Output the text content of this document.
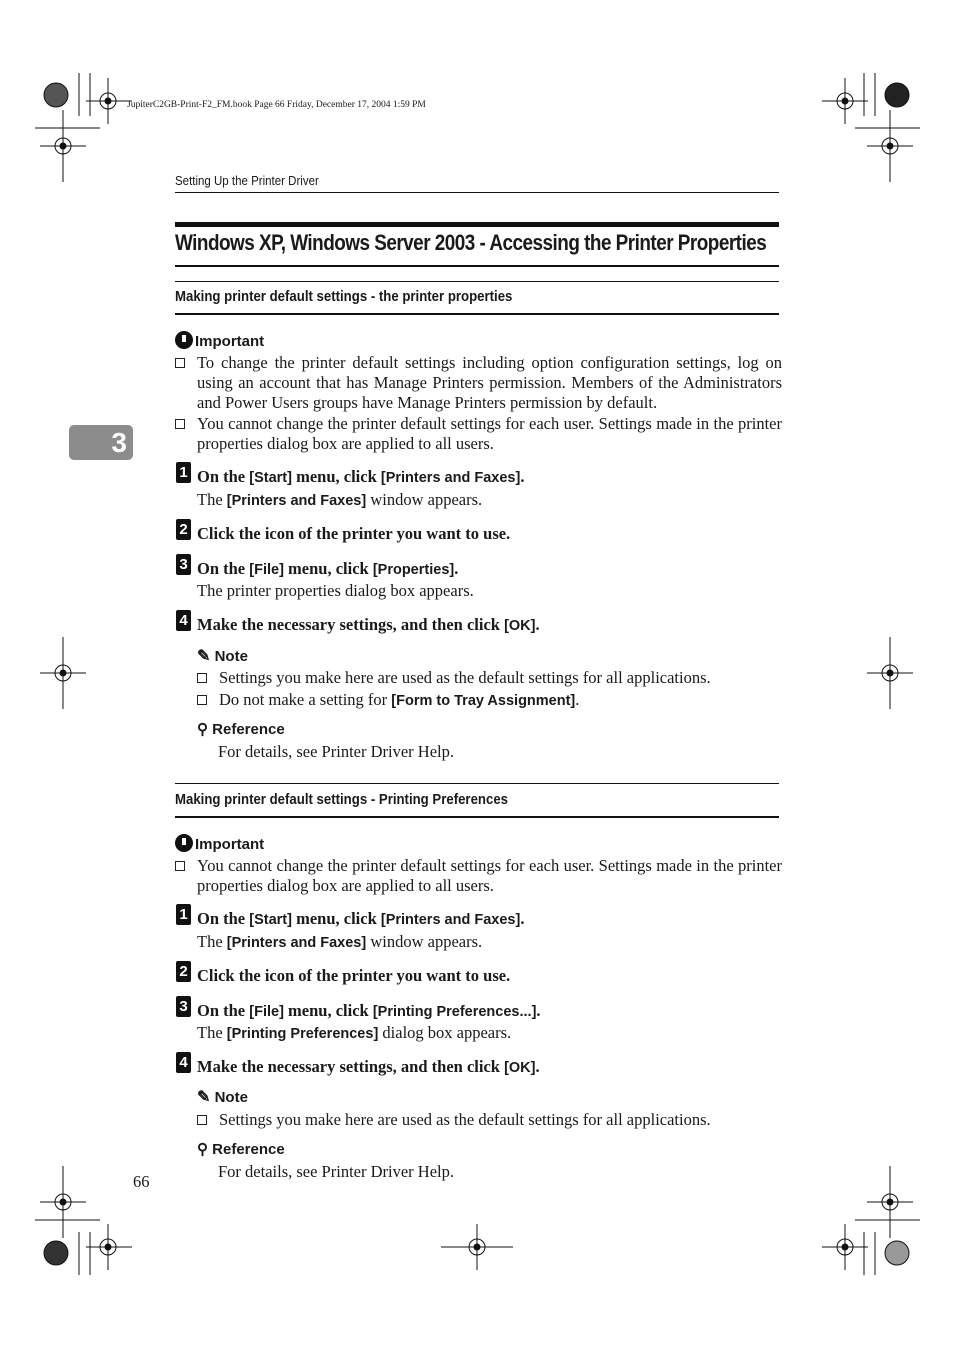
JupiterC2GB-Print-F2_FM.book Page 66 Friday, December 17, 2004 1:59 PM
Setting Up the Printer Driver
3
Windows XP, Windows Server 2003 - Accessing the Printer Properties
Making printer default settings - the printer properties
Important
To change the printer default settings including option configuration settings, log on using an account that has Manage Printers permission. Members of the Administrators and Power Users groups have Manage Printers permission by default.
You cannot change the printer default settings for each user. Settings made in the printer properties dialog box are applied to all users.
1 On the [Start] menu, click [Printers and Faxes].
The [Printers and Faxes] window appears.
2 Click the icon of the printer you want to use.
3 On the [File] menu, click [Properties].
The printer properties dialog box appears.
4 Make the necessary settings, and then click [OK].
✎ Note
Settings you make here are used as the default settings for all applications.
Do not make a setting for [Form to Tray Assignment].
⚲ Reference
For details, see Printer Driver Help.
Making printer default settings - Printing Preferences
Important
You cannot change the printer default settings for each user. Settings made in the printer properties dialog box are applied to all users.
1 On the [Start] menu, click [Printers and Faxes].
The [Printers and Faxes] window appears.
2 Click the icon of the printer you want to use.
3 On the [File] menu, click [Printing Preferences...].
The [Printing Preferences] dialog box appears.
4 Make the necessary settings, and then click [OK].
✎ Note
Settings you make here are used as the default settings for all applications.
⚲ Reference
For details, see Printer Driver Help.
66
